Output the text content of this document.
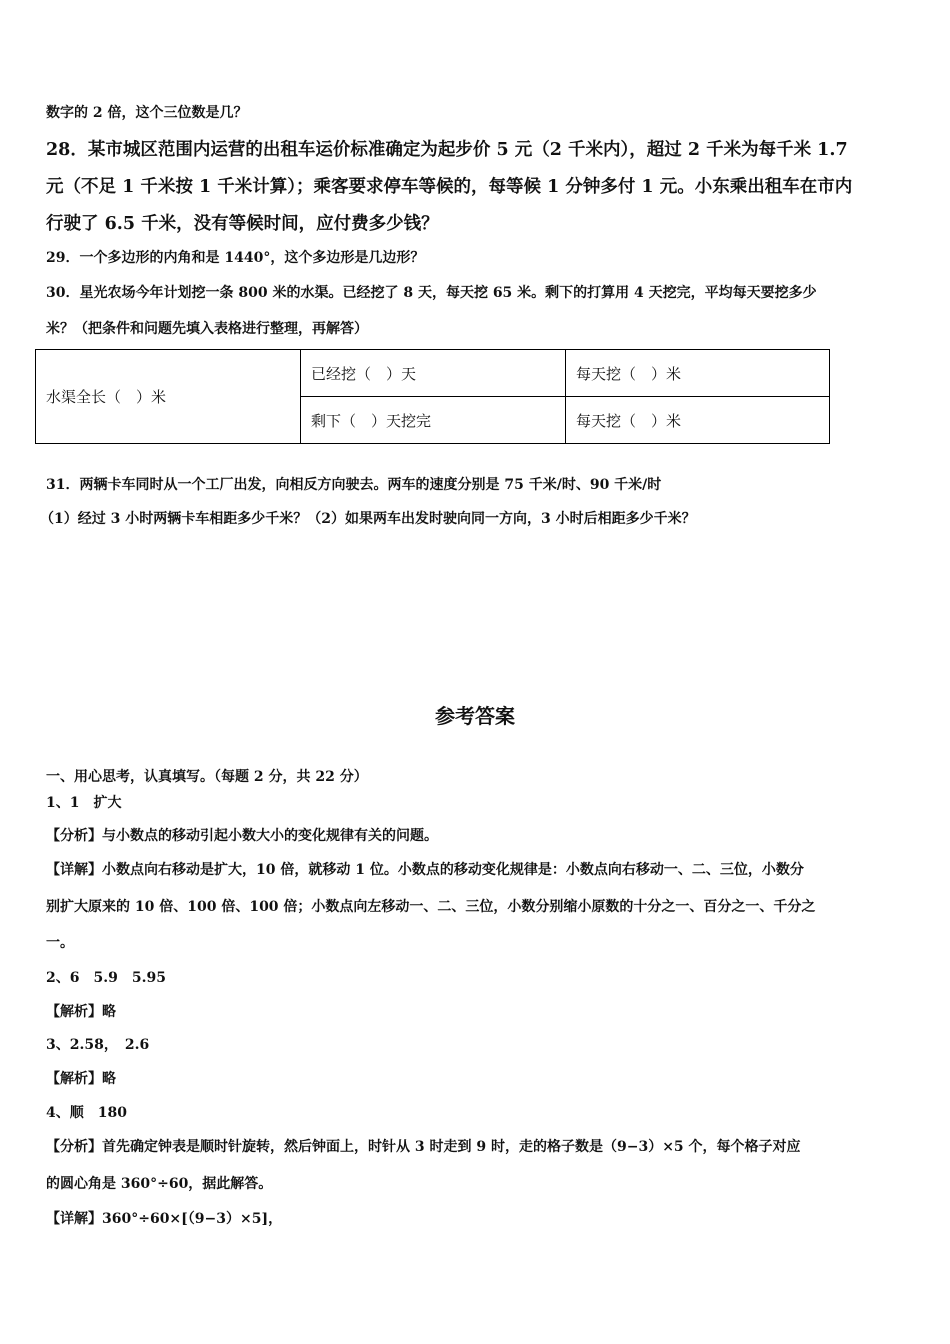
数字的 2 倍，这个三位数是几？
28．某市城区范围内运营的出租车运价标准确定为起步价 5 元（2 千米内），超过 2 千米为每千米 1.7
元（不足 1 千米按 1 千米计算）；乘客要求停车等候的，每等候 1 分钟多付 1 元。小东乘出租车在市内
行驶了 6.5 千米，没有等候时间，应付费多少钱？
29．一个多边形的内角和是 1440°，这个多边形是几边形？
30．星光农场今年计划挖一条 800 米的水渠。已经挖了 8 天，每天挖 65 米。剩下的打算用 4 天挖完，平均每天要挖多少
米？（把条件和问题先填入表格进行整理，再解答）
水渠全长（　）米	已经挖（　）天	每天挖（　）米
	剩下（　）天挖完	每天挖（　）米
31．两辆卡车同时从一个工厂出发，向相反方向驶去。两车的速度分别是 75 千米/时、90 千米/时
（1）经过 3 小时两辆卡车相距多少千米？（2）如果两车出发时驶向同一方向，3 小时后相距多少千米？
参考答案
一、用心思考，认真填写。（每题 2 分，共 22 分）
1、1　扩大
【分析】与小数点的移动引起小数大小的变化规律有关的问题。
【详解】小数点向右移动是扩大，10 倍，就移动 1 位。小数点的移动变化规律是：小数点向右移动一、二、三位，小数分
别扩大原来的 10 倍、100 倍、100 倍；小数点向左移动一、二、三位，小数分别缩小原数的十分之一、百分之一、千分之
一。
2、6　5.9　5.95
【解析】略
3、2.58，　2.6
【解析】略
4、顺　180
【分析】首先确定钟表是顺时针旋转，然后钟面上，时针从 3 时走到 9 时，走的格子数是（9−3）×5 个，每个格子对应
的圆心角是 360°÷60，据此解答。
【详解】360°÷60×[（9−3）×5]，
